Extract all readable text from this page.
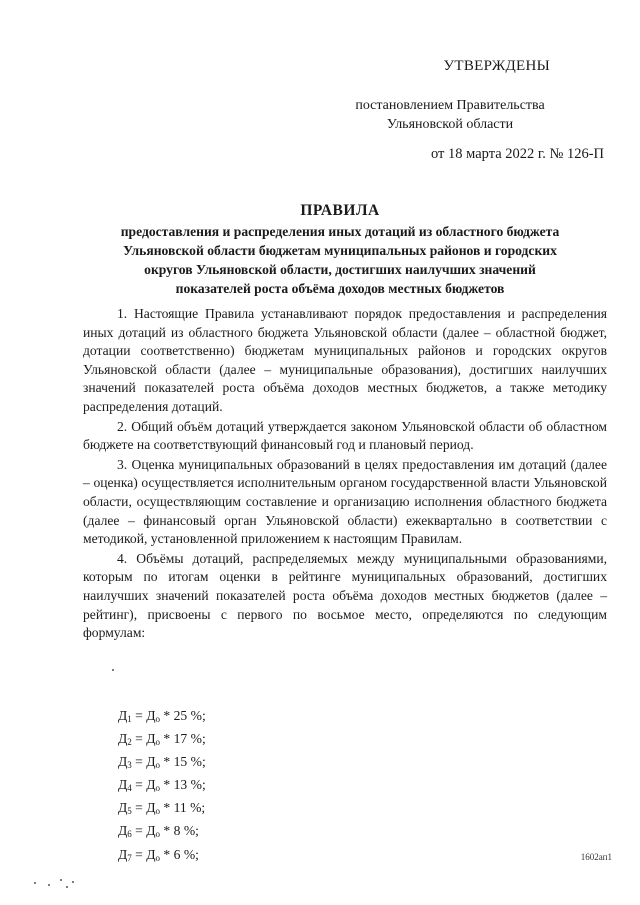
УТВЕРЖДЕНЫ
постановлением Правительства
Ульяновской области
от 18 марта 2022 г. № 126-П
ПРАВИЛА
предоставления и распределения иных дотаций из областного бюджета
Ульяновской области бюджетам муниципальных районов и городских
округов Ульяновской области, достигших наилучших значений
показателей роста объёма доходов местных бюджетов

1. Настоящие Правила устанавливают порядок предоставления и распределения иных дотаций из областного бюджета Ульяновской области (далее – областной бюджет, дотации соответственно) бюджетам муниципальных районов и городских округов Ульяновской области (далее – муниципальные образования), достигших наилучших значений показателей роста объёма доходов местных бюджетов, а также методику распределения дотаций.

2. Общий объём дотаций утверждается законом Ульяновской области об областном бюджете на соответствующий финансовый год и плановый период.

3. Оценка муниципальных образований в целях предоставления им дотаций (далее – оценка) осуществляется исполнительным органом государственной власти Ульяновской области, осуществляющим составление и организацию исполнения областного бюджета (далее – финансовый орган Ульяновской области) ежеквартально в соответствии с методикой, установленной приложением к настоящим Правилам.

4. Объёмы дотаций, распределяемых между муниципальными образованиями, которым по итогам оценки в рейтинге муниципальных образований, достигших наилучших значений показателей роста объёма доходов местных бюджетов (далее – рейтинг), присвоены с первого по восьмое место, определяются по следующим формулам:

$Д_1 = Д_о * 25$ %;
$Д_2 = Д_о * 17$ %;
$Д_3 = Д_о * 15$ %;
$Д_4 = Д_о * 13$ %;
$Д_5 = Д_о * 11$ %;
$Д_6 = Д_о * 8$ %;
$Д_7 = Д_о * 6$ %;	1602ап1
